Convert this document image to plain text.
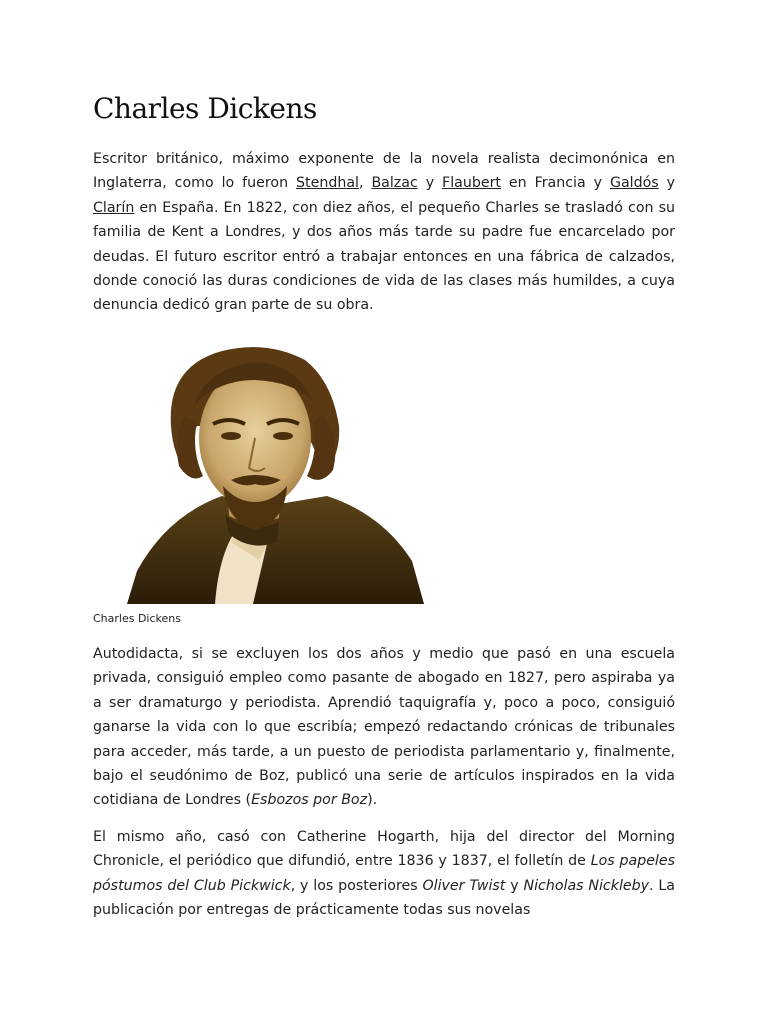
Charles Dickens

Escritor británico, máximo exponente de la novela realista decimonónica en Inglaterra, como lo fueron Stendhal, Balzac y Flaubert en Francia y Galdós y Clarín en España. En 1822, con diez años, el pequeño Charles se trasladó con su familia de Kent a Londres, y dos años más tarde su padre fue encarcelado por deudas. El futuro escritor entró a trabajar entonces en una fábrica de calzados, donde conoció las duras condiciones de vida de las clases más humildes, a cuya denuncia dedicó gran parte de su obra.

Charles Dickens

Autodidacta, si se excluyen los dos años y medio que pasó en una escuela privada, consiguió empleo como pasante de abogado en 1827, pero aspiraba ya a ser dramaturgo y periodista. Aprendió taquigrafía y, poco a poco, consiguió ganarse la vida con lo que escribía; empezó redactando crónicas de tribunales para acceder, más tarde, a un puesto de periodista parlamentario y, finalmente, bajo el seudónimo de Boz, publicó una serie de artículos inspirados en la vida cotidiana de Londres (Esbozos por Boz).

El mismo año, casó con Catherine Hogarth, hija del director del Morning Chronicle, el periódico que difundió, entre 1836 y 1837, el folletín de Los papeles póstumos del Club Pickwick, y los posteriores Oliver Twist y Nicholas Nickleby. La publicación por entregas de prácticamente todas sus novelas
